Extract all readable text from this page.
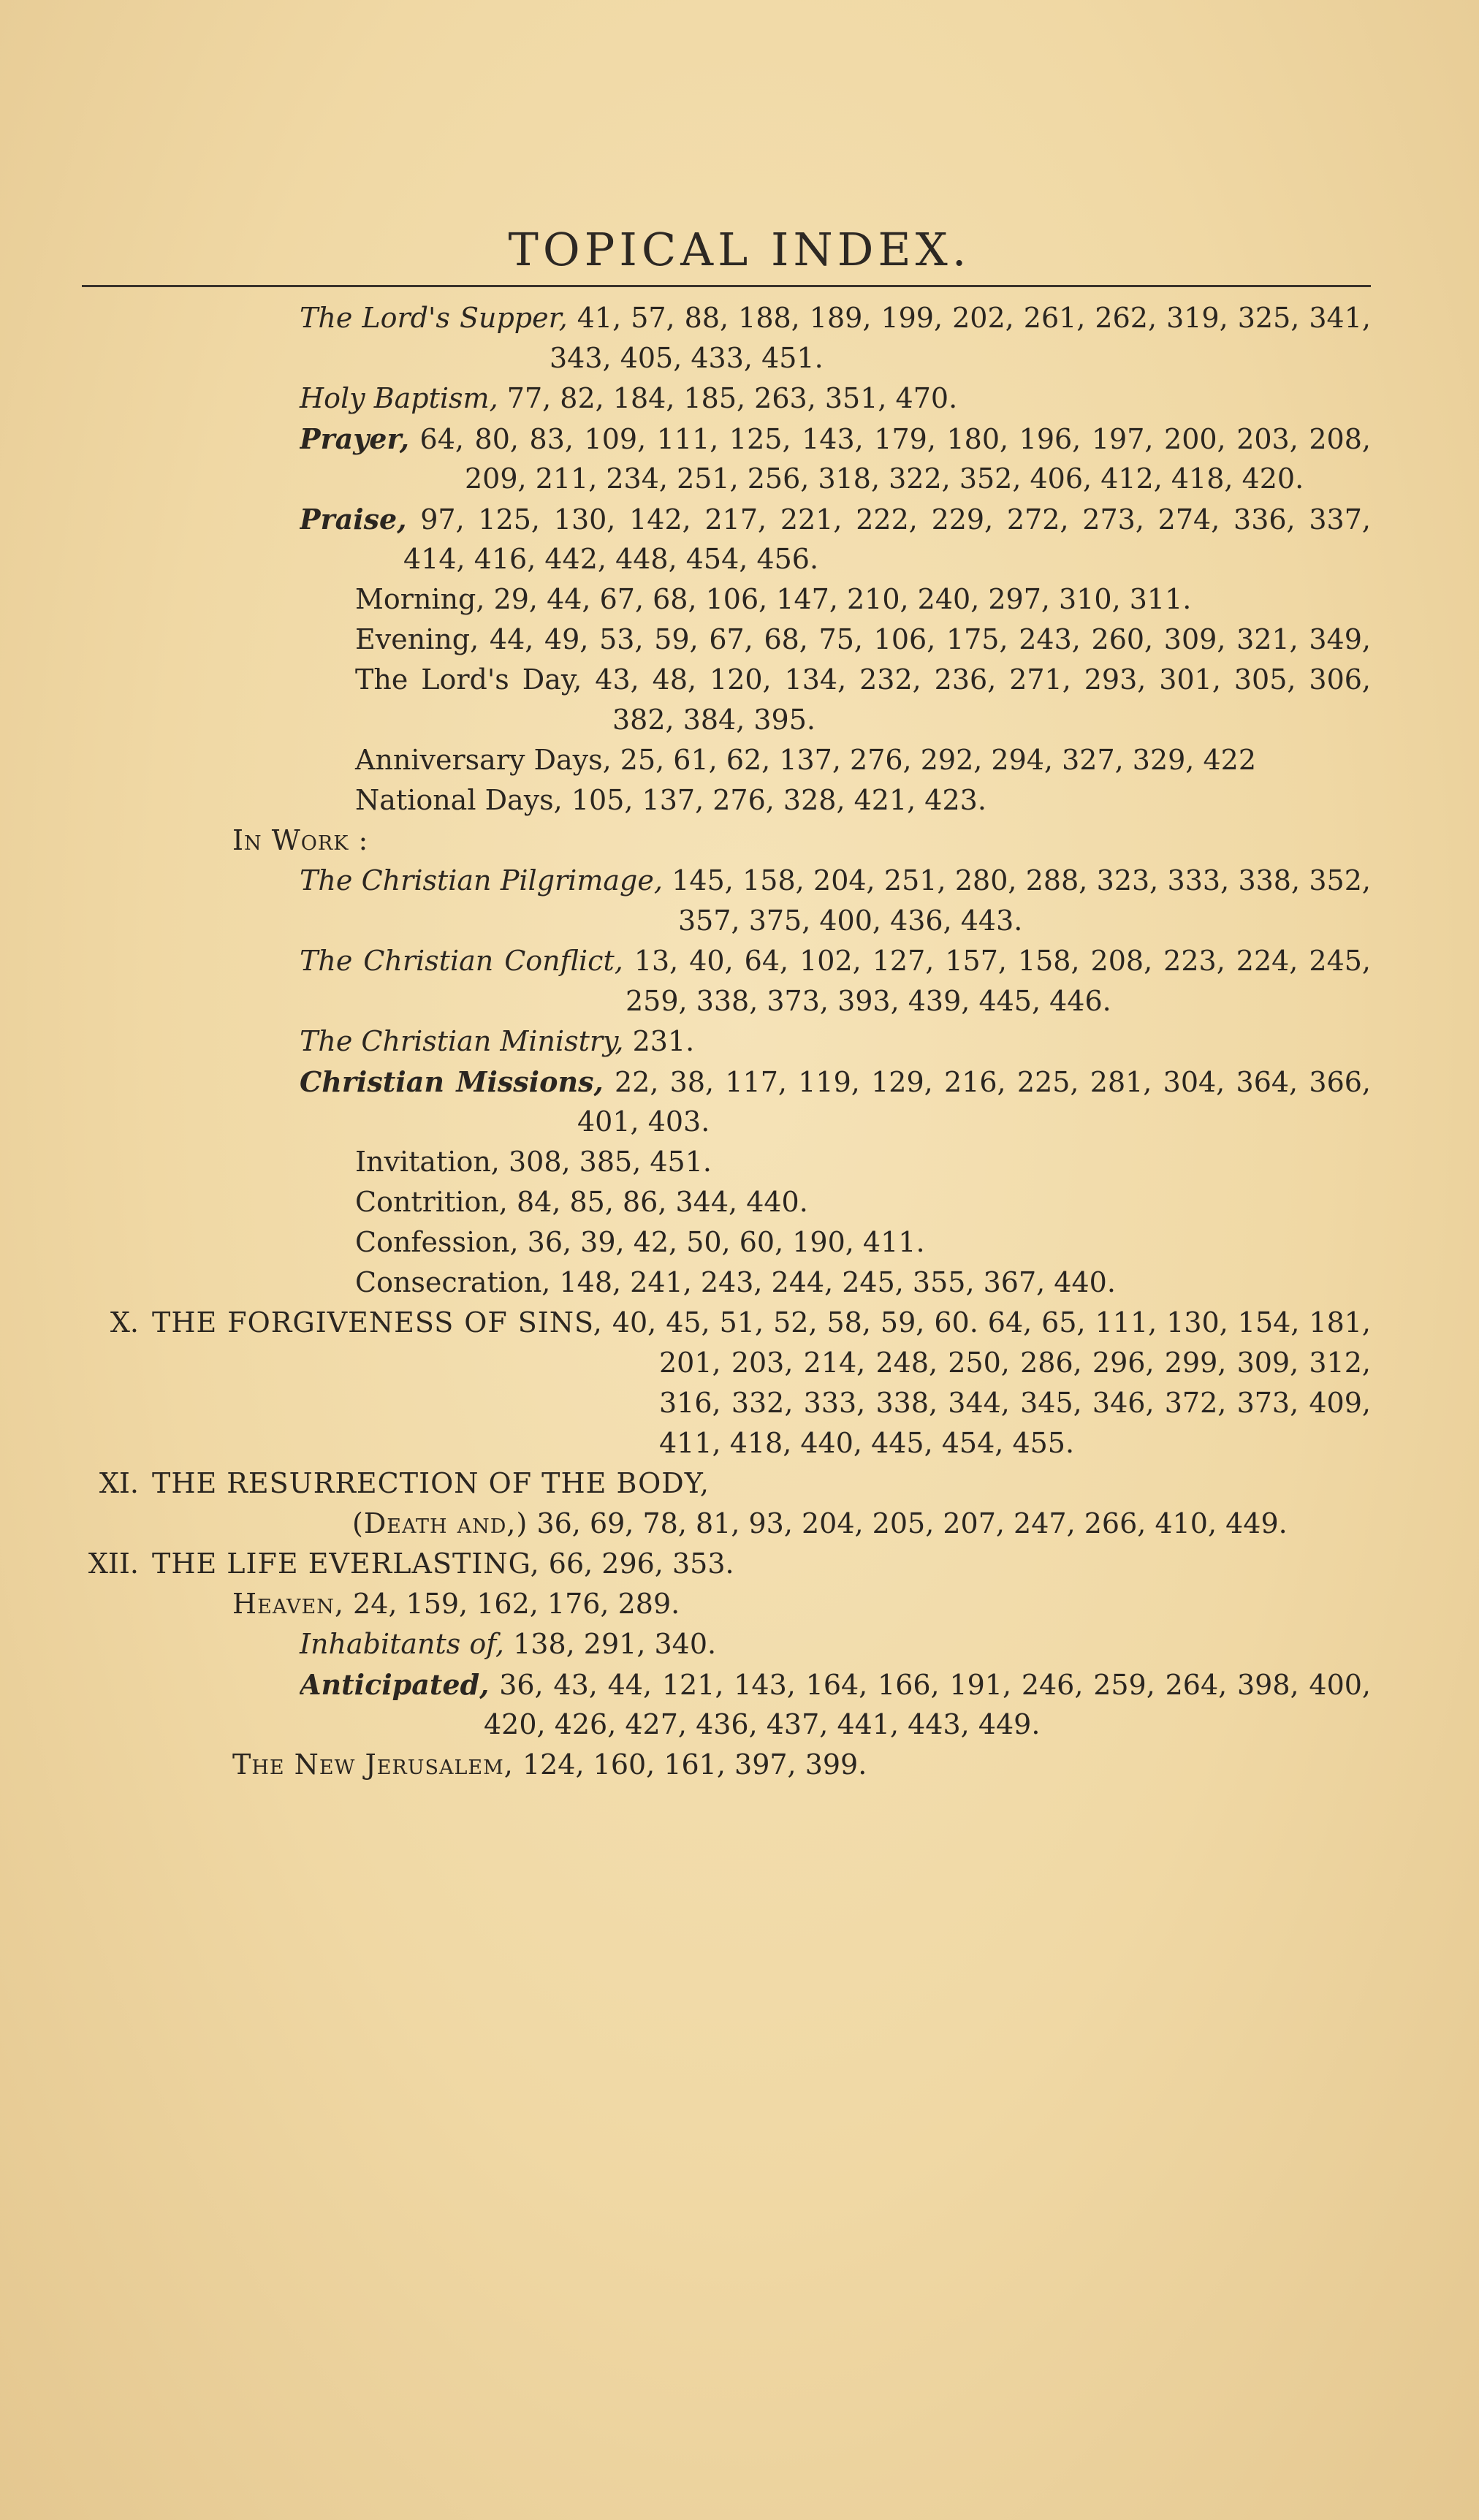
TOPICAL INDEX.
The Lord's Supper, 41, 57, 88, 188, 189, 199, 202, 261, 262, 319, 325, 341,
343, 405, 433, 451.
Holy Baptism, 77, 82, 184, 185, 263, 351, 470.
Prayer, 64, 80, 83, 109, 111, 125, 143, 179, 180, 196, 197, 200, 203, 208,
209, 211, 234, 251, 256, 318, 322, 352, 406, 412, 418, 420.
Praise, 97, 125, 130, 142, 217, 221, 222, 229, 272, 273, 274, 336, 337,
414, 416, 442, 448, 454, 456.
Morning, 29, 44, 67, 68, 106, 147, 210, 240, 297, 310, 311.
Evening, 44, 49, 53, 59, 67, 68, 75, 106, 175, 243, 260, 309, 321, 349,
The Lord's Day, 43, 48, 120, 134, 232, 236, 271, 293, 301, 305, 306,
382, 384, 395.
Anniversary Days, 25, 61, 62, 137, 276, 292, 294, 327, 329, 422
National Days, 105, 137, 276, 328, 421, 423.
In Work :
The Christian Pilgrimage, 145, 158, 204, 251, 280, 288, 323, 333, 338, 352,
357, 375, 400, 436, 443.
The Christian Conflict, 13, 40, 64, 102, 127, 157, 158, 208, 223, 224, 245,
259, 338, 373, 393, 439, 445, 446.
The Christian Ministry, 231.
Christian Missions, 22, 38, 117, 119, 129, 216, 225, 281, 304, 364, 366,
401, 403.
Invitation, 308, 385, 451.
Contrition, 84, 85, 86, 344, 440.
Confession, 36, 39, 42, 50, 60, 190, 411.
Consecration, 148, 241, 243, 244, 245, 355, 367, 440.
X. THE FORGIVENESS OF SINS, 40, 45, 51, 52, 58, 59, 60. 64, 65, 111, 130, 154, 181,
201, 203, 214, 248, 250, 286, 296, 299, 309, 312,
316, 332, 333, 338, 344, 345, 346, 372, 373, 409,
411, 418, 440, 445, 454, 455.
XI. THE RESURRECTION OF THE BODY,
(Death and,) 36, 69, 78, 81, 93, 204, 205, 207, 247, 266, 410, 449.
XII. THE LIFE EVERLASTING, 66, 296, 353.
Heaven, 24, 159, 162, 176, 289.
Inhabitants of, 138, 291, 340.
Anticipated, 36, 43, 44, 121, 143, 164, 166, 191, 246, 259, 264, 398, 400,
420, 426, 427, 436, 437, 441, 443, 449.
The New Jerusalem, 124, 160, 161, 397, 399.
